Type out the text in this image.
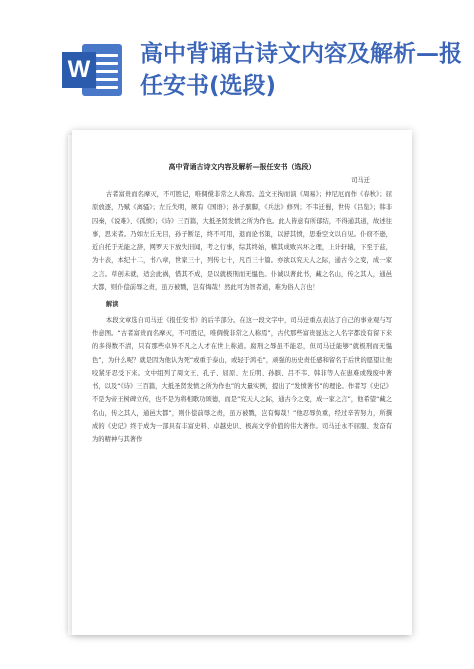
W
高中背诵古诗文内容及解析—报任安书(选段)
高中背诵古诗文内容及解析—报任安书（选段）
司马迁

古者富贵而名摩灭，不可胜记，唯倜傥非常之人称焉。盖文王拘而演《周易》；仲尼厄而作《春秋》；屈原放逐，乃赋《离骚》；左丘失明，厥有《国语》；孙子膑脚，《兵法》修列；不韦迁蜀，世传《吕览》；韩非囚秦，《说难》、《孤愤》；《诗》三百篇，大抵圣贤发愤之所为作也。此人皆意有所郁结，不得通其道，故述往事，思来者。乃如左丘无目，孙子断足，终不可用，退而论书策，以舒其愤，思垂空文以自见。仆窃不逊，近自托于无能之辞，网罗天下放失旧闻，考之行事，综其终始，稽其成败兴坏之理，上计轩辕，下至于兹，为十表，本纪十二，书八章，世家三十，列传七十，凡百三十篇。亦欲以究天人之际，通古今之变，成一家之言。草创未就，适会此祸，惜其不成，是以就极刑而无愠色。仆诚以著此书，藏之名山，传之其人，通邑大都，则仆偿前辱之责，虽万被戮，岂有悔哉！然此可为智者道，难为俗人言也！

解读

本段文章选自司马迁《报任安书》的后半部分。在这一段文字中，司马迁重点表达了自己的事业观与写作意图。“古者富贵而名摩灭，不可胜记，唯倜傥非常之人称焉”，古代那些富贵显达之人名字都没有留下来的多得数不清，只有那些卓异不凡之人才在世上称道。腐刑之辱虽不能忍，但司马迁能够“就极刑而无愠色”，为什么呢？就是因为他认为死“或重于泰山，或轻于鸿毛”，顽强的历史责任感和留名于后世的愿望让他咬紧牙忍受下来。文中组列了周文王、孔子、屈原、左丘明、孙膑、吕不韦、韩非等人在患难或残废中著书，以及“《诗》三百篇，大抵圣贤发愤之所为作也”的大量实例，提出了“发愤著书”的理论。作者写《史记》不是为帝王树碑立传，也不是为将相歌功颂德，而是“究天人之际，通古今之变，成一家之言”，他希望“藏之名山，传之其人，通邑大都”，则仆偿前辱之责，虽万被戮，岂有悔哉！”他忍辱负重，经过辛苦努力，所撰成的《史记》终于成为一部具有丰富史料、卓越史识、极高文学价值的伟大著作。司马迁永不屈服、发奋有为的精神与其著作
